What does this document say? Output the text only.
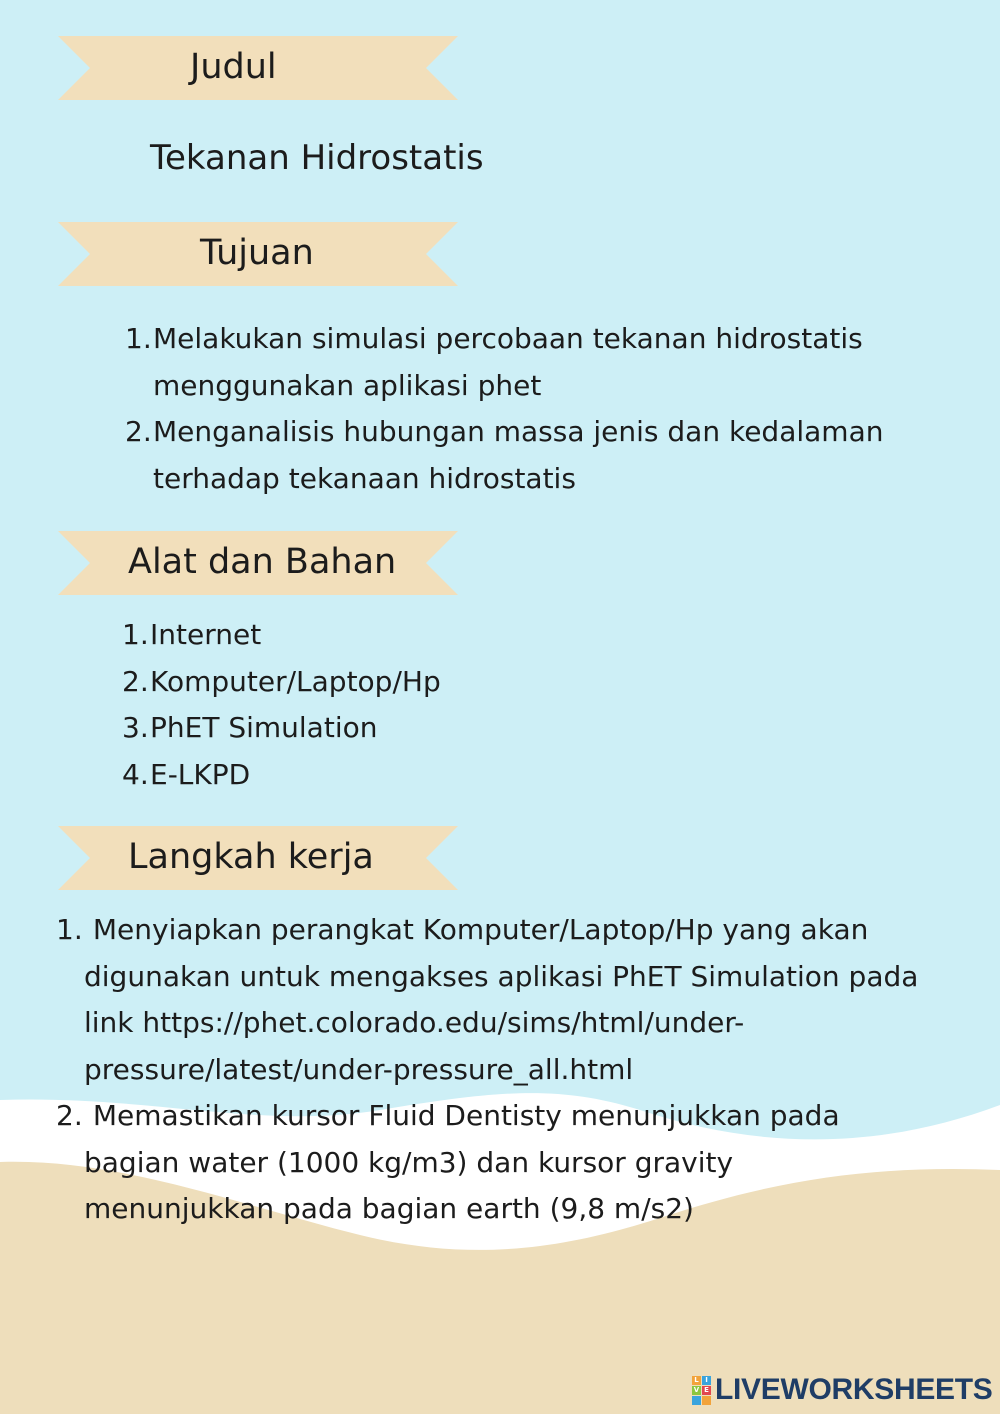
Judul
Tekanan Hidrostatis
Tujuan
1. Melakukan simulasi percobaan tekanan hidrostatis
menggunakan aplikasi phet
2. Menganalisis hubungan massa jenis dan kedalaman
terhadap tekanaan hidrostatis
Alat dan Bahan
1. Internet
2. Komputer/Laptop/Hp
3. PhET Simulation
4. E-LKPD
Langkah kerja
1. Menyiapkan perangkat Komputer/Laptop/Hp yang akan
digunakan untuk mengakses aplikasi PhET Simulation pada
link https://phet.colorado.edu/sims/html/under-
pressure/latest/under-pressure_all.html
2. Memastikan kursor Fluid Dentisty menunjukkan pada
bagian water (1000 kg/m3) dan kursor gravity
menunjukkan pada bagian earth (9,8 m/s2)
L I
V E LIVEWORKSHEETS
